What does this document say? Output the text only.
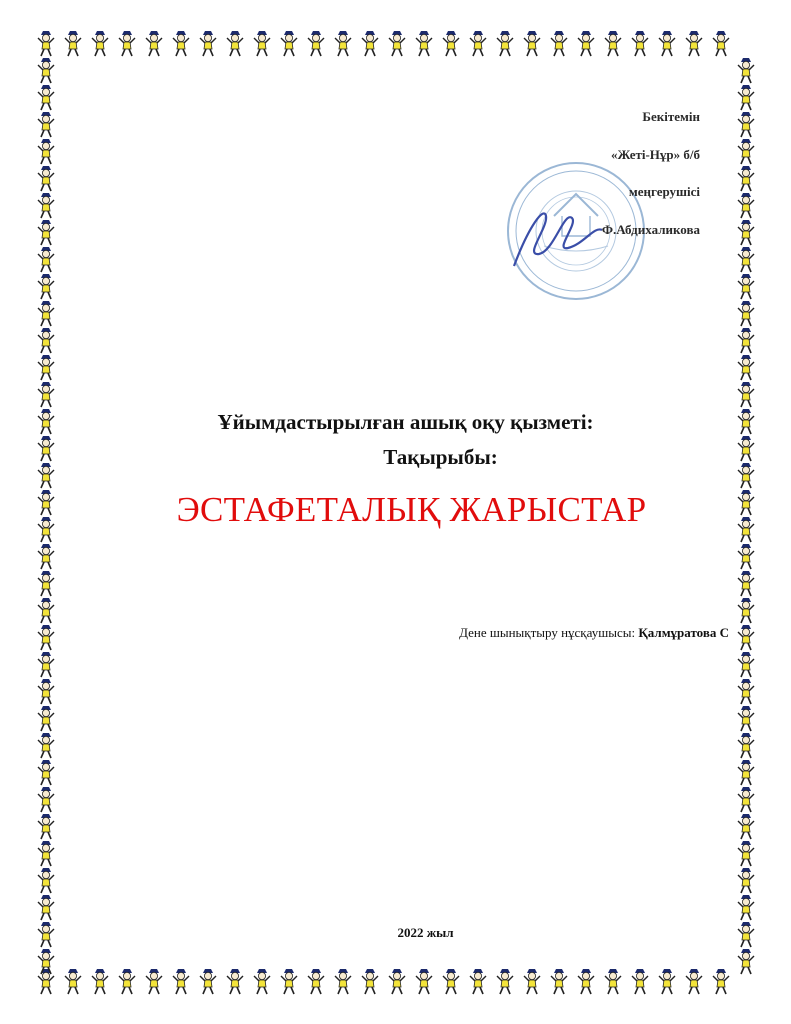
Бекітемін
«Жеті-Нұр» б/б
меңгерушісі
Ф.Абдихаликова
Ұйымдастырылған ашық оқу қызметі:
Тақырыбы:
ЭСТАФЕТАЛЫҚ ЖАРЫСТАР
Дене шынықтыру нұсқаушысы: Қалмұратова С
2022 жыл
